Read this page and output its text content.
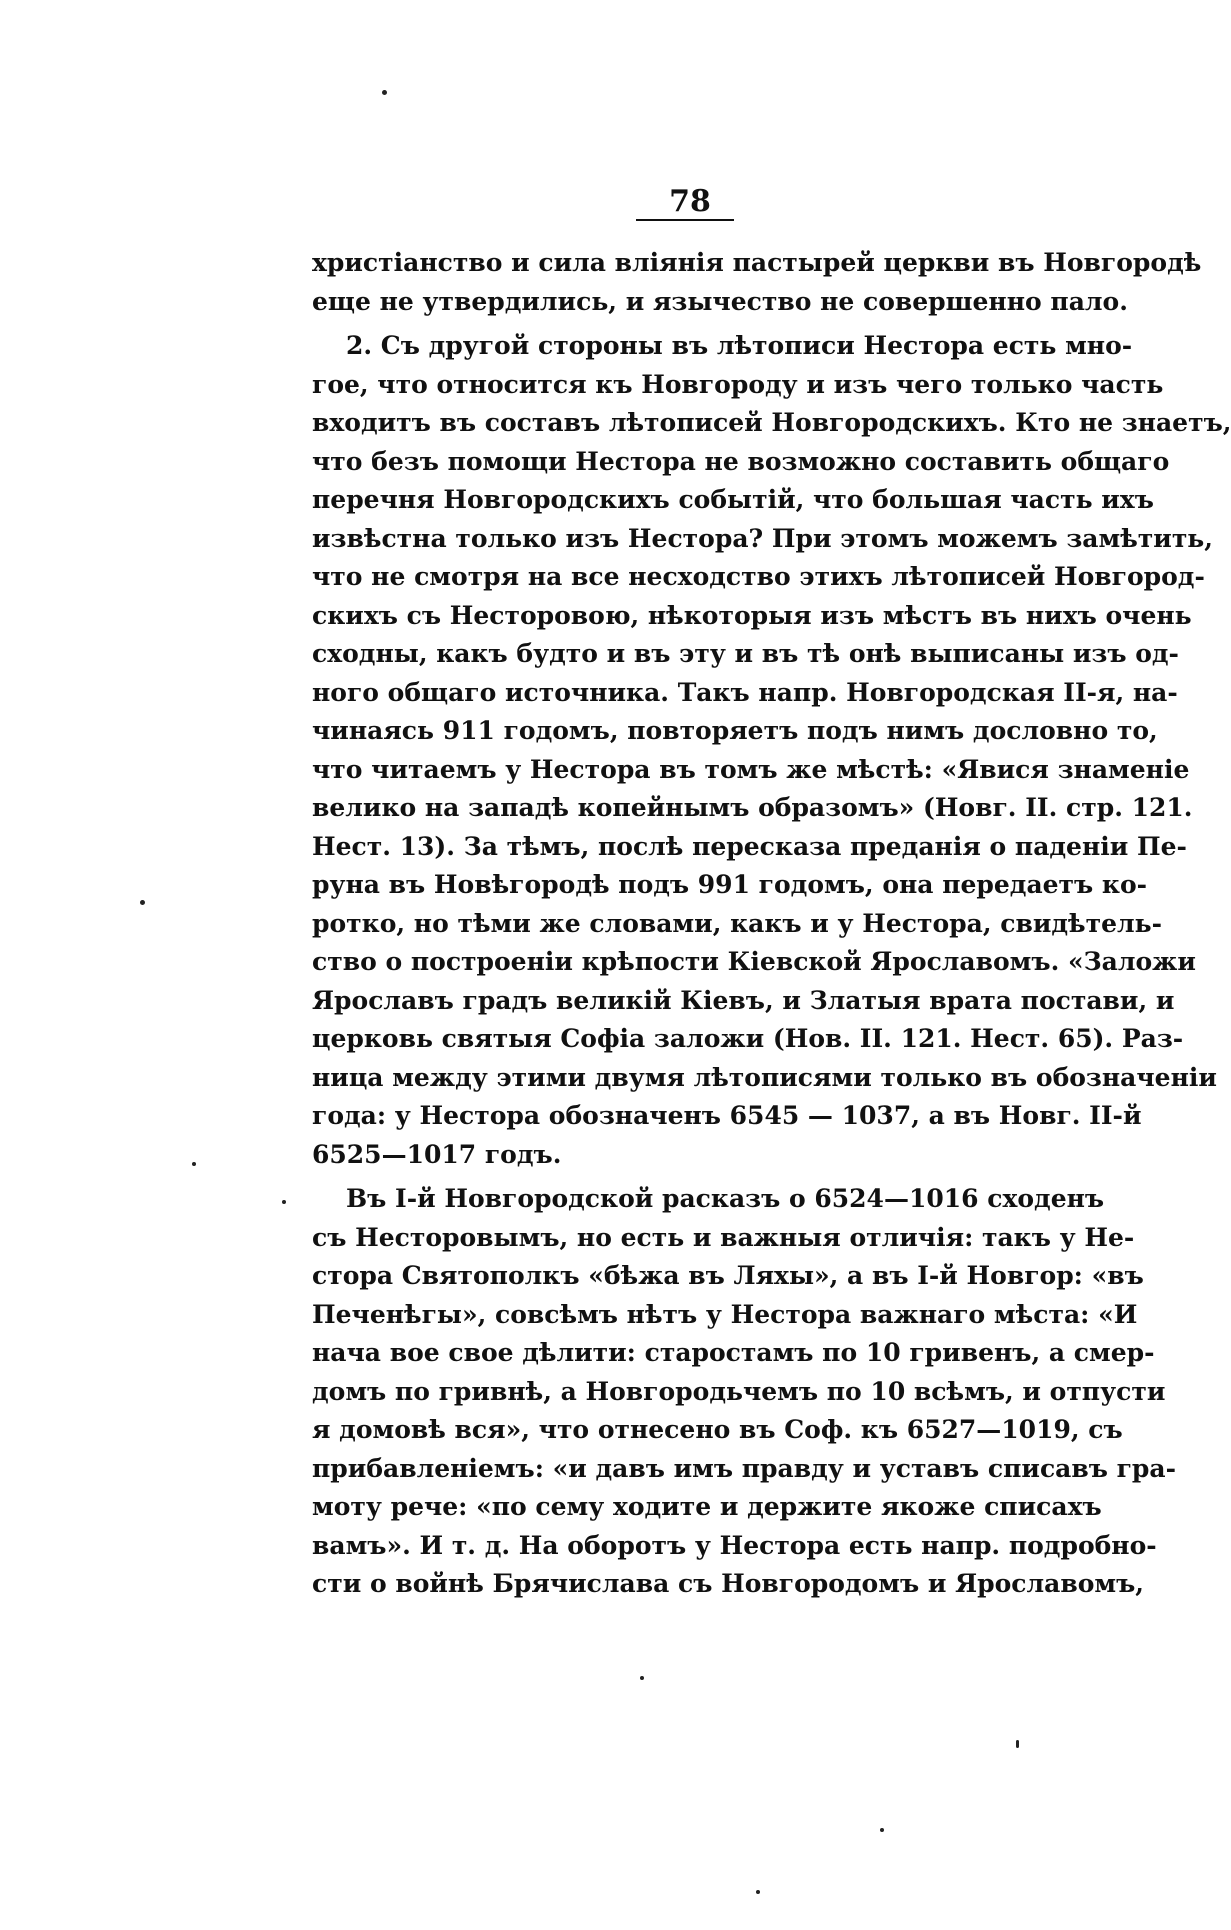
78
христіанство и сила вліянія пастырей церкви въ Новгородѣ
еще не утвердились, и язычество не совершенно пало.
2. Съ другой стороны въ лѣтописи Нестора есть мно-
гое, что относится къ Новгороду и изъ чего только часть
входитъ въ составъ лѣтописей Новгородскихъ. Кто не знаетъ,
что безъ помощи Нестора не возможно составить общаго
перечня Новгородскихъ событій, что большая часть ихъ
извѣстна только изъ Нестора? При этомъ можемъ замѣтить,
что не смотря на все несходство этихъ лѣтописей Новгород-
скихъ съ Несторовою, нѣкоторыя изъ мѣстъ въ нихъ очень
сходны, какъ будто и въ эту и въ тѣ онѣ выписаны изъ од-
ного общаго источника. Такъ напр. Новгородская II-я, на-
чинаясь 911 годомъ, повторяетъ подъ нимъ дословно то,
что читаемъ у Нестора въ томъ же мѣстѣ: «Явися знаменіе
велико на западѣ копейнымъ образомъ» (Новг. II. стр. 121.
Нест. 13). За тѣмъ, послѣ пересказа преданія о паденіи Пе-
руна въ Новѣгородѣ подъ 991 годомъ, она передаетъ ко-
ротко, но тѣми же словами, какъ и у Нестора, свидѣтель-
ство о построеніи крѣпости Кіевской Ярославомъ. «Заложи
Ярославъ градъ великій Кіевъ, и Златыя врата постави, и
церковь святыя Софіа заложи (Нов. II. 121. Нест. 65). Раз-
ница между этими двумя лѣтописями только въ обозначеніи
года: у Нестора обозначенъ 6545 — 1037, а въ Новг. II-й
6525—1017 годъ.
Въ I-й Новгородской расказъ о 6524—1016 сходенъ
съ Несторовымъ, но есть и важныя отличія: такъ у Не-
стора Святополкъ «бѣжа въ Ляхы», а въ I-й Новгор: «въ
Печенѣгы», совсѣмъ нѣтъ у Нестора важнаго мѣста: «И
нача вое свое дѣлити: старостамъ по 10 гривенъ, а смер-
домъ по гривнѣ, а Новгородьчемъ по 10 всѣмъ, и отпусти
я домовѣ вся», что отнесено въ Соф. къ 6527—1019, съ
прибавленіемъ: «и давъ имъ правду и уставъ списавъ гра-
моту рече: «по сему ходите и держите якоже списахъ
вамъ». И т. д. На оборотъ у Нестора есть напр. подробно-
сти о войнѣ Брячислава съ Новгородомъ и Ярославомъ,
